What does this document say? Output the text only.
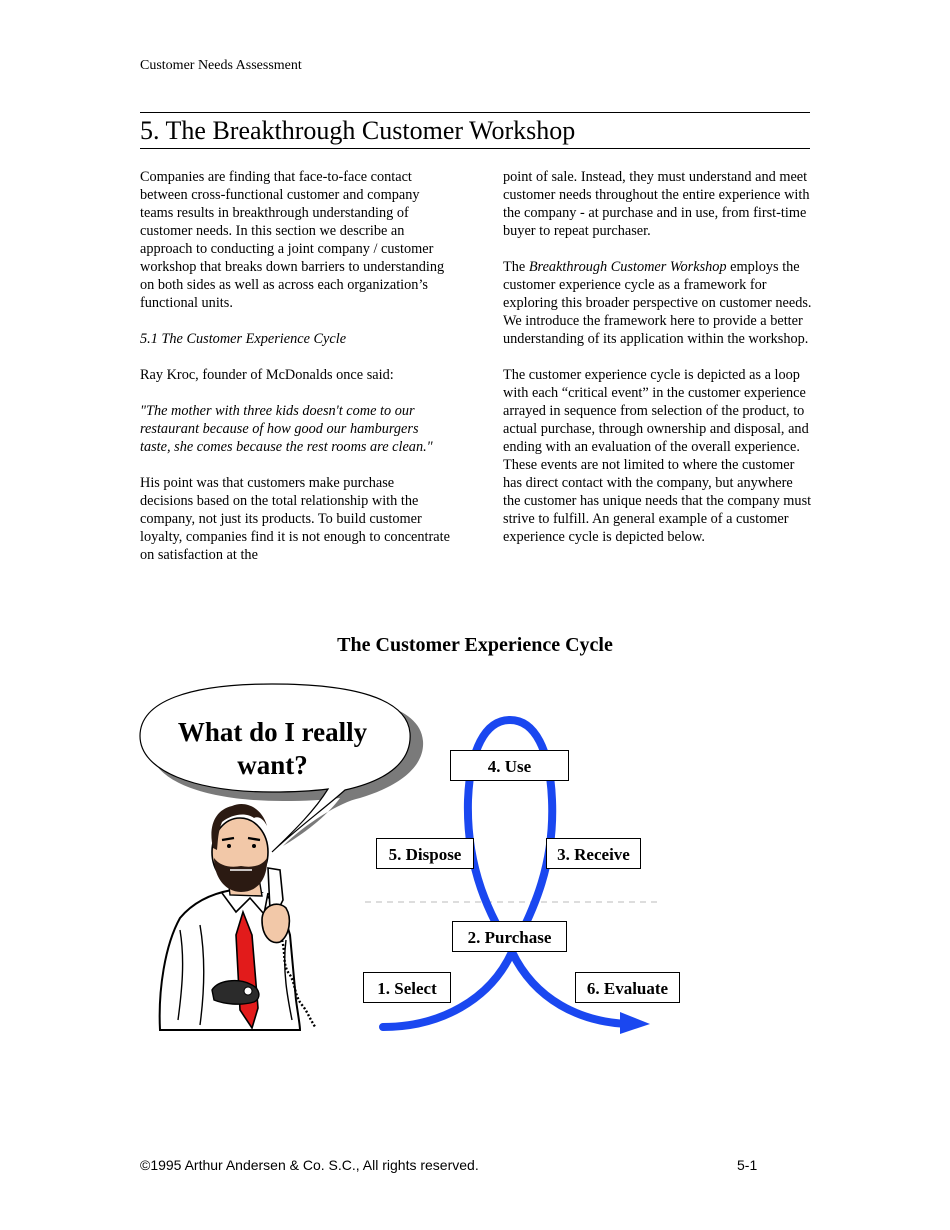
Customer Needs Assessment
5. The Breakthrough Customer Workshop

Companies are finding that face-to-face contact between cross-functional customer and company teams results in breakthrough understanding of customer needs. In this section we describe an approach to conducting a joint company / customer workshop that breaks down barriers to understanding on both sides as well as across each organization’s functional units.

5.1 The Customer Experience Cycle

Ray Kroc, founder of McDonalds once said:

"The mother with three kids doesn't come to our restaurant because of how good our hamburgers taste, she comes because the rest rooms are clean."

His point was that customers make purchase decisions based on the total relationship with the company, not just its products. To build customer loyalty, companies find it is not enough to concentrate on satisfaction at the

point of sale. Instead, they must understand and meet customer needs throughout the entire experience with the company - at purchase and in use, from first-time buyer to repeat purchaser.

The Breakthrough Customer Workshop employs the customer experience cycle as a framework for exploring this broader perspective on customer needs. We introduce the framework here to provide a better understanding of its application within the workshop.

The customer experience cycle is depicted as a loop with each “critical event” in the customer experience arrayed in sequence from selection of the product, to actual purchase, through ownership and disposal, and ending with an evaluation of the overall experience. These events are not limited to where the customer has direct contact with the company, but anywhere the customer has unique needs that the company must strive to fulfill. An general example of a customer experience cycle is depicted below.

The Customer Experience Cycle
What do I really want?	4. Use
5. Dispose	3. Receive
2. Purchase
1. Select	6. Evaluate
©1995 Arthur Andersen & Co. S.C., All rights reserved.	5-1
